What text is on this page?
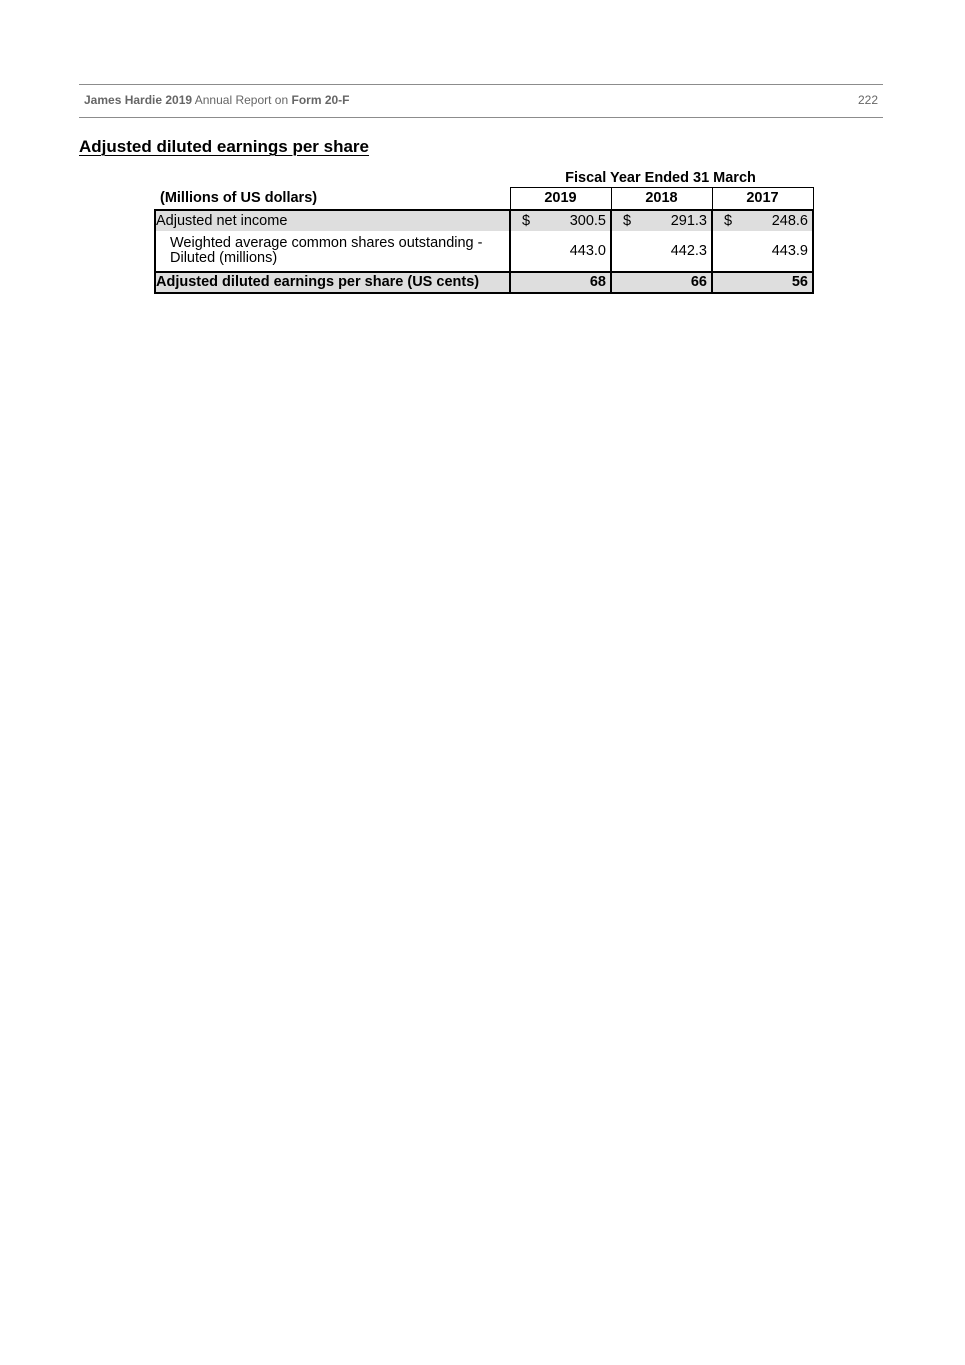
James Hardie 2019 Annual Report on Form 20-F	222
Adjusted diluted earnings per share
Fiscal Year Ended 31 March
(Millions of US dollars)	2019	2018	2017
Adjusted net income	$ 300.5	$ 291.3	$ 248.6

Weighted average common shares outstanding - Diluted (millions)	443.0	442.3	443.9

Adjusted diluted earnings per share (US cents)	68	66	56
